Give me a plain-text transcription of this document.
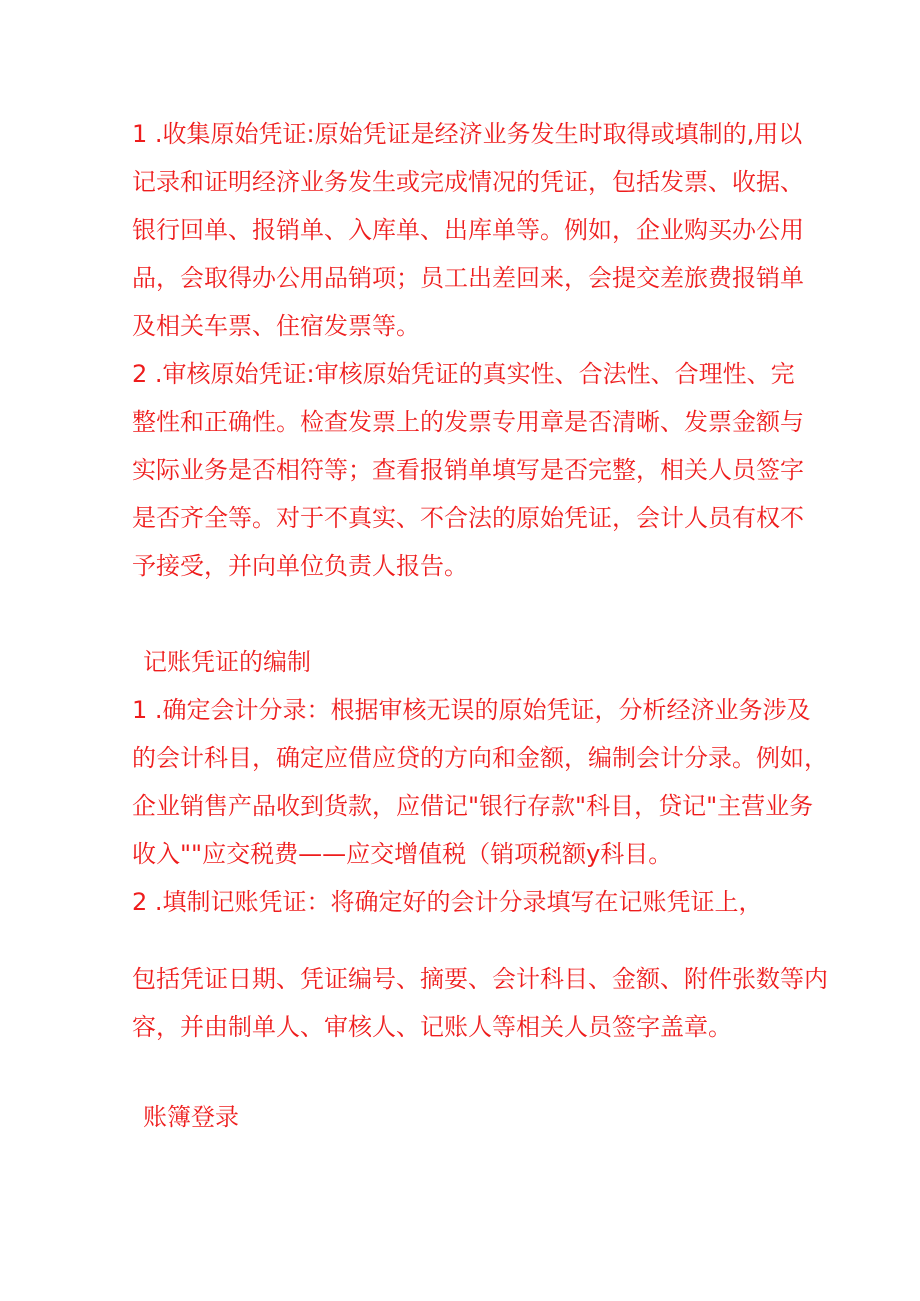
1 .收集原始凭证:原始凭证是经济业务发生时取得或填制的,用以
记录和证明经济业务发生或完成情况的凭证，包括发票、收据、
银行回单、报销单、入库单、出库单等。例如，企业购买办公用
品，会取得办公用品销项；员工出差回来，会提交差旅费报销单
及相关车票、住宿发票等。
2 .审核原始凭证:审核原始凭证的真实性、合法性、合理性、完
整性和正确性。检查发票上的发票专用章是否清晰、发票金额与
实际业务是否相符等；查看报销单填写是否完整，相关人员签字
是否齐全等。对于不真实、不合法的原始凭证，会计人员有权不
予接受，并向单位负责人报告。
记账凭证的编制
1 .确定会计分录：根据审核无误的原始凭证，分析经济业务涉及
的会计科目，确定应借应贷的方向和金额，编制会计分录。例如，
企业销售产品收到货款，应借记"银行存款"科目，贷记"主营业务
收入""应交税费——应交增值税（销项税额y科目。
2 .填制记账凭证：将确定好的会计分录填写在记账凭证上，
包括凭证日期、凭证编号、摘要、会计科目、金额、附件张数等内
容，并由制单人、审核人、记账人等相关人员签字盖章。
账簿登录
